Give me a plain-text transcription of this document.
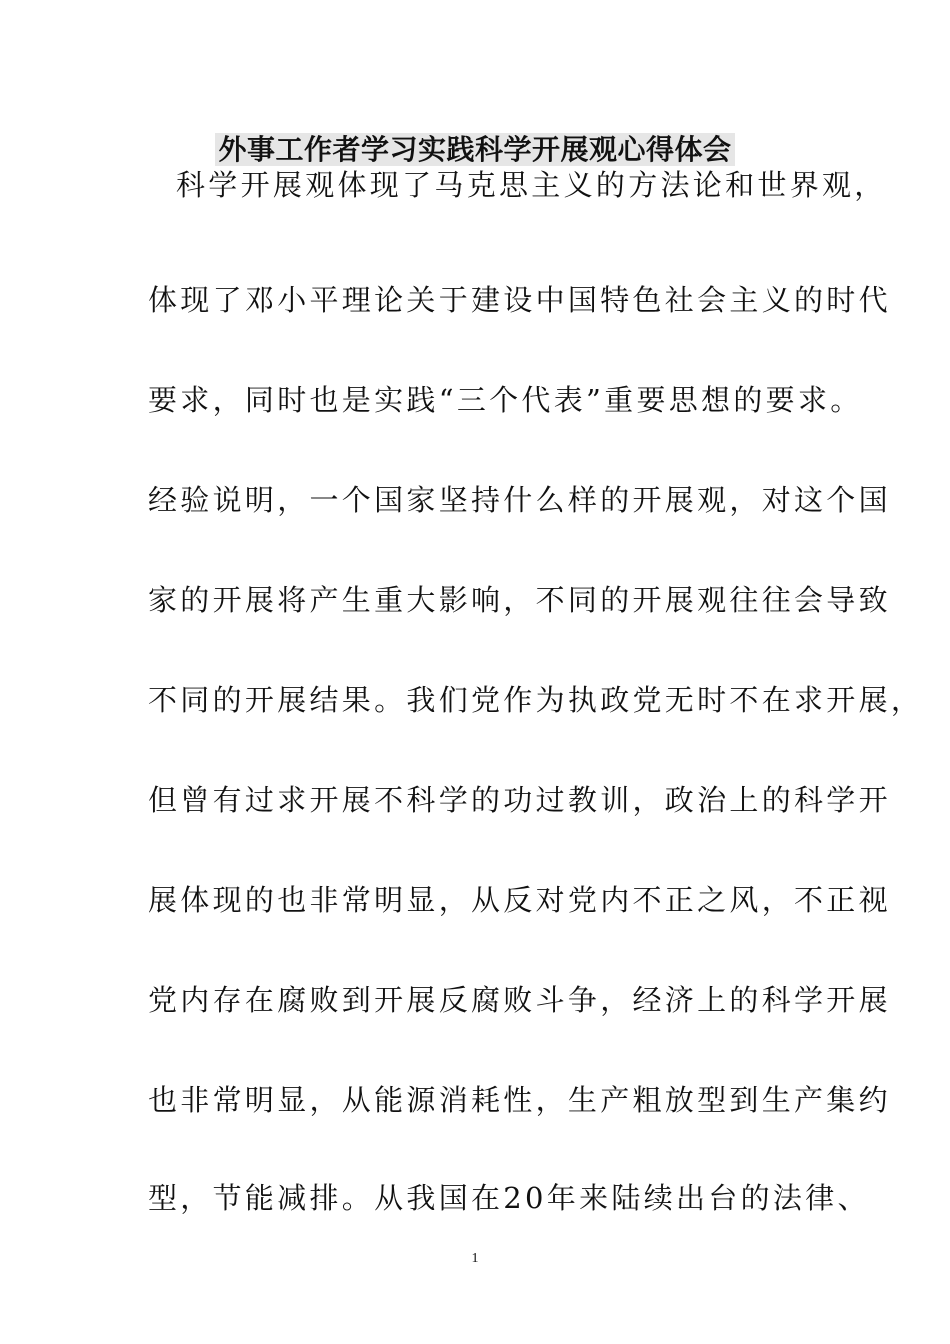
外事工作者学习实践科学开展观心得体会
科学开展观体现了马克思主义的方法论和世界观，
体现了邓小平理论关于建设中国特色社会主义的时代
要求，同时也是实践“三个代表”重要思想的要求。
经验说明，一个国家坚持什么样的开展观，对这个国
家的开展将产生重大影响，不同的开展观往往会导致
不同的开展结果。我们党作为执政党无时不在求开展，
但曾有过求开展不科学的功过教训，政治上的科学开
展体现的也非常明显，从反对党内不正之风，不正视
党内存在腐败到开展反腐败斗争，经济上的科学开展
也非常明显，从能源消耗性，生产粗放型到生产集约
型，节能减排。从我国在20年来陆续出台的法律、
1
